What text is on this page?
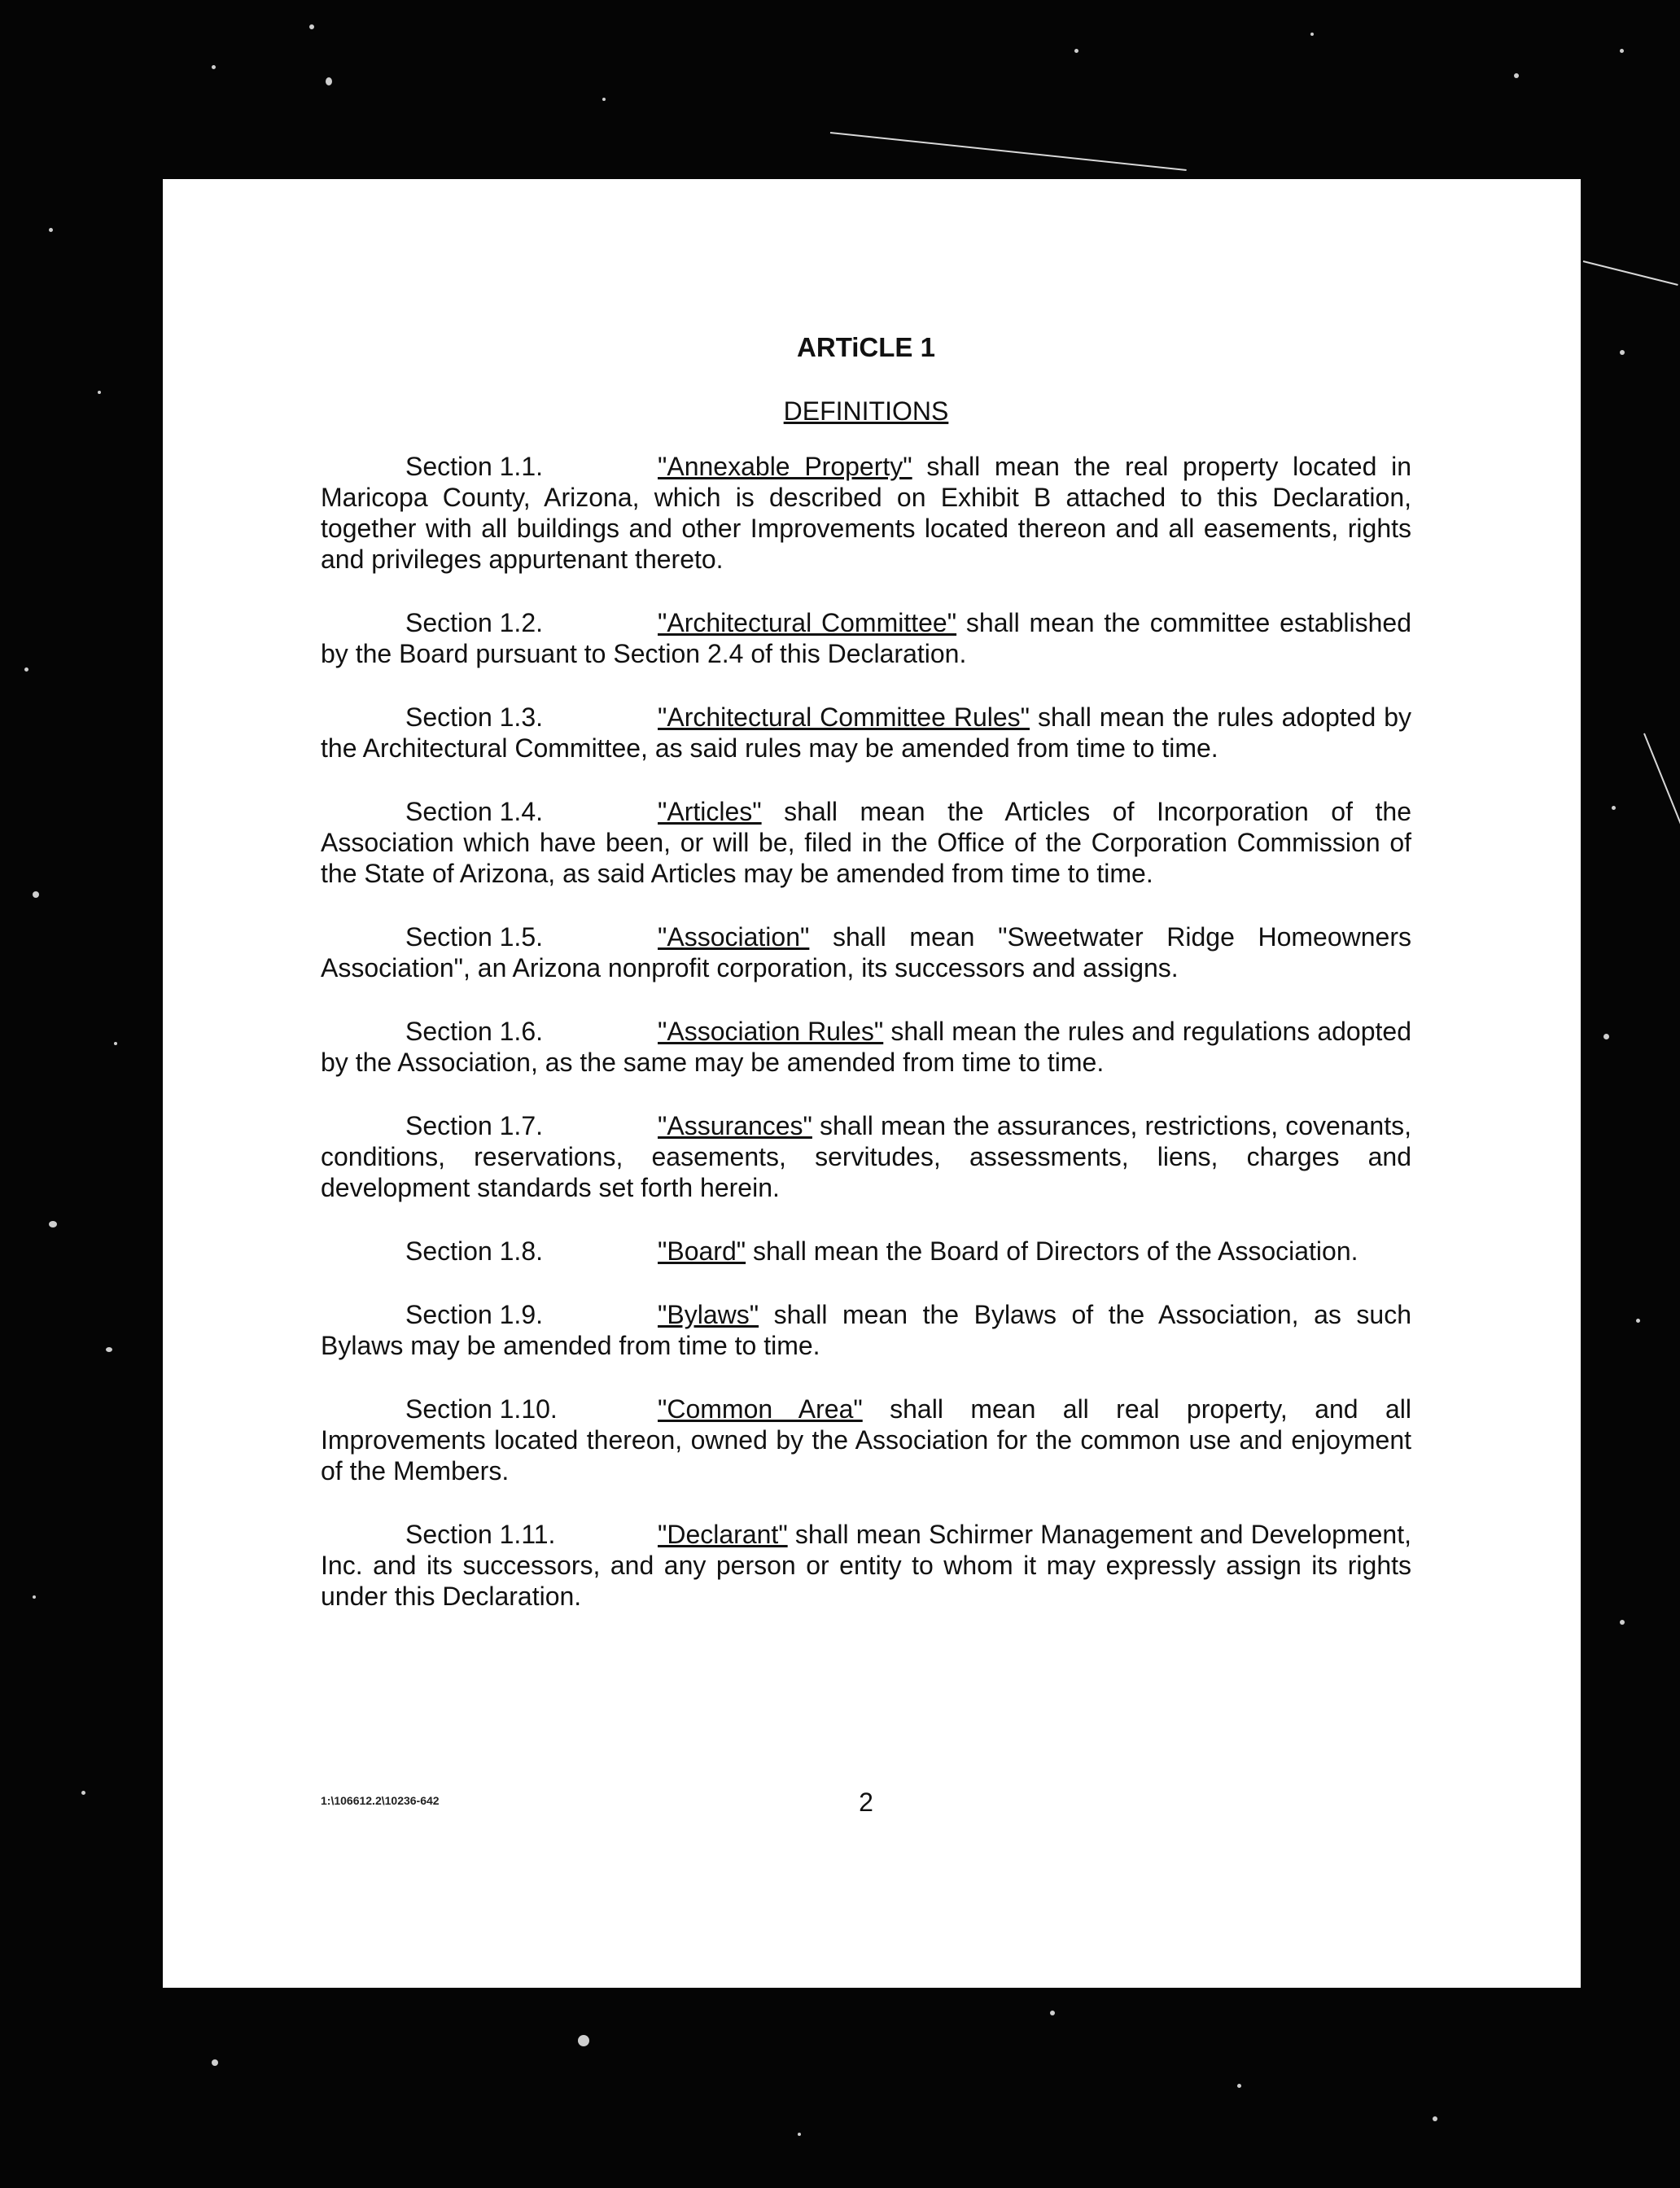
ARTiCLE 1
DEFINITIONS
Section 1.1.	"Annexable Property" shall mean the real property located in Maricopa County, Arizona, which is described on Exhibit B attached to this Declaration, together with all buildings and other Improvements located thereon and all easements, rights and privileges appurtenant thereto.
Section 1.2.	"Architectural Committee" shall mean the committee established by the Board pursuant to Section 2.4 of this Declaration.
Section 1.3.	"Architectural Committee Rules" shall mean the rules adopted by the Architectural Committee, as said rules may be amended from time to time.
Section 1.4.	"Articles" shall mean the Articles of Incorporation of the Association which have been, or will be, filed in the Office of the Corporation Commission of the State of Arizona, as said Articles may be amended from time to time.
Section 1.5.	"Association" shall mean "Sweetwater Ridge Homeowners Association", an Arizona nonprofit corporation, its successors and assigns.
Section 1.6.	"Association Rules" shall mean the rules and regulations adopted by the Association, as the same may be amended from time to time.
Section 1.7.	"Assurances" shall mean the assurances, restrictions, covenants, conditions, reservations, easements, servitudes, assessments, liens, charges and development standards set forth herein.
Section 1.8.	"Board" shall mean the Board of Directors of the Association.
Section 1.9.	"Bylaws" shall mean the Bylaws of the Association, as such Bylaws may be amended from time to time.
Section 1.10.	"Common Area" shall mean all real property, and all Improvements located thereon, owned by the Association for the common use and enjoyment of the Members.
Section 1.11.	"Declarant" shall mean Schirmer Management and Development, Inc. and its successors, and any person or entity to whom it may expressly assign its rights under this Declaration.
1:\106612.2\10236-642	2
